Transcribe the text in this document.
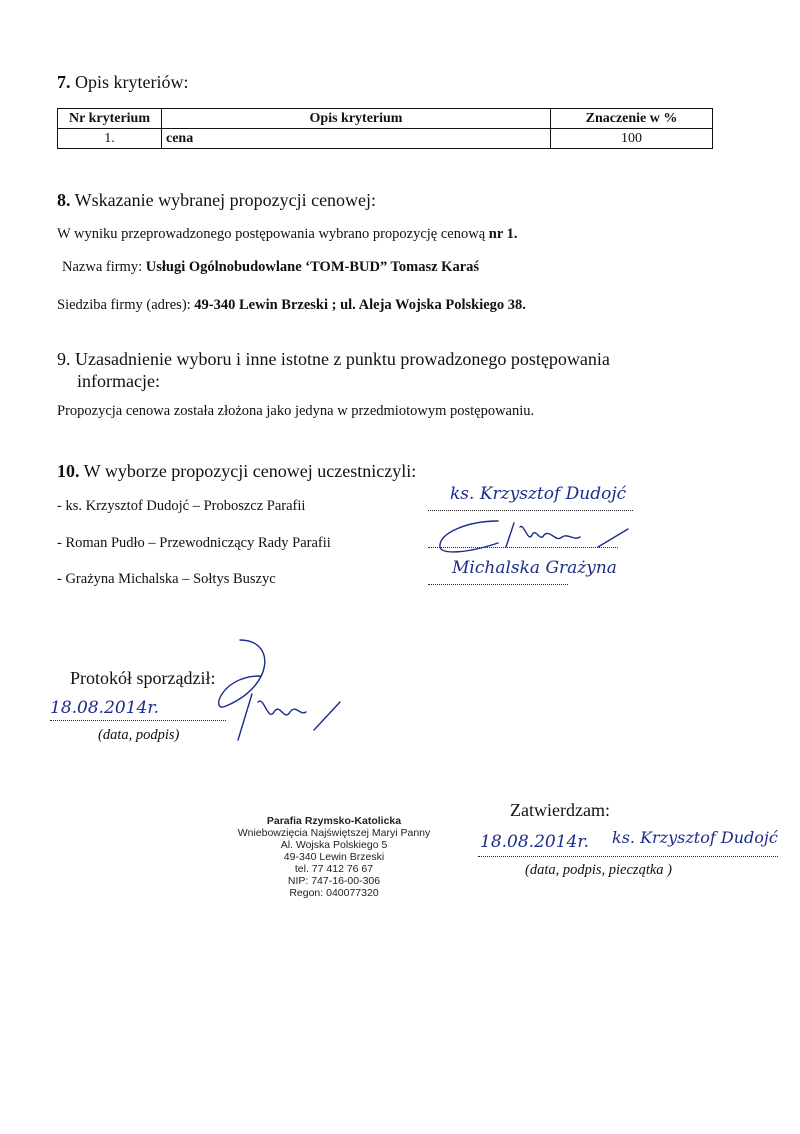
7. Opis kryteriów:
Nr kryterium	Opis kryterium	Znaczenie w %
1.	cena	100
8. Wskazanie wybranej propozycji cenowej:
W wyniku przeprowadzonego postępowania wybrano propozycję cenową nr 1.
Nazwa firmy: Usługi Ogólnobudowlane ‘TOM-BUD” Tomasz Karaś
Siedziba firmy (adres): 49-340 Lewin Brzeski ; ul. Aleja Wojska Polskiego 38.
9. Uzasadnienie wyboru i inne istotne z punktu prowadzonego postępowania
informacje:
Propozycja cenowa została złożona jako jedyna w przedmiotowym postępowaniu.
10. W wyborze propozycji cenowej uczestniczyli:
- ks. Krzysztof Dudojć – Proboszcz Parafii
- Roman Pudło – Przewodniczący Rady Parafii
- Grażyna Michalska – Sołtys Buszyc
ks. Krzysztof Dudojć
Michalska Grażyna
Protokół sporządził:
18.08.2014r.
(data, podpis)
Parafia Rzymsko-Katolicka
Wniebowzięcia Najświętszej Maryi Panny
Al. Wojska Polskiego 5
49-340 Lewin Brzeski
tel. 77 412 76 67
NIP: 747-16-00-306
Regon: 040077320
Zatwierdzam:
18.08.2014r. ks. Krzysztof Dudojć
(data, podpis, pieczątka )
